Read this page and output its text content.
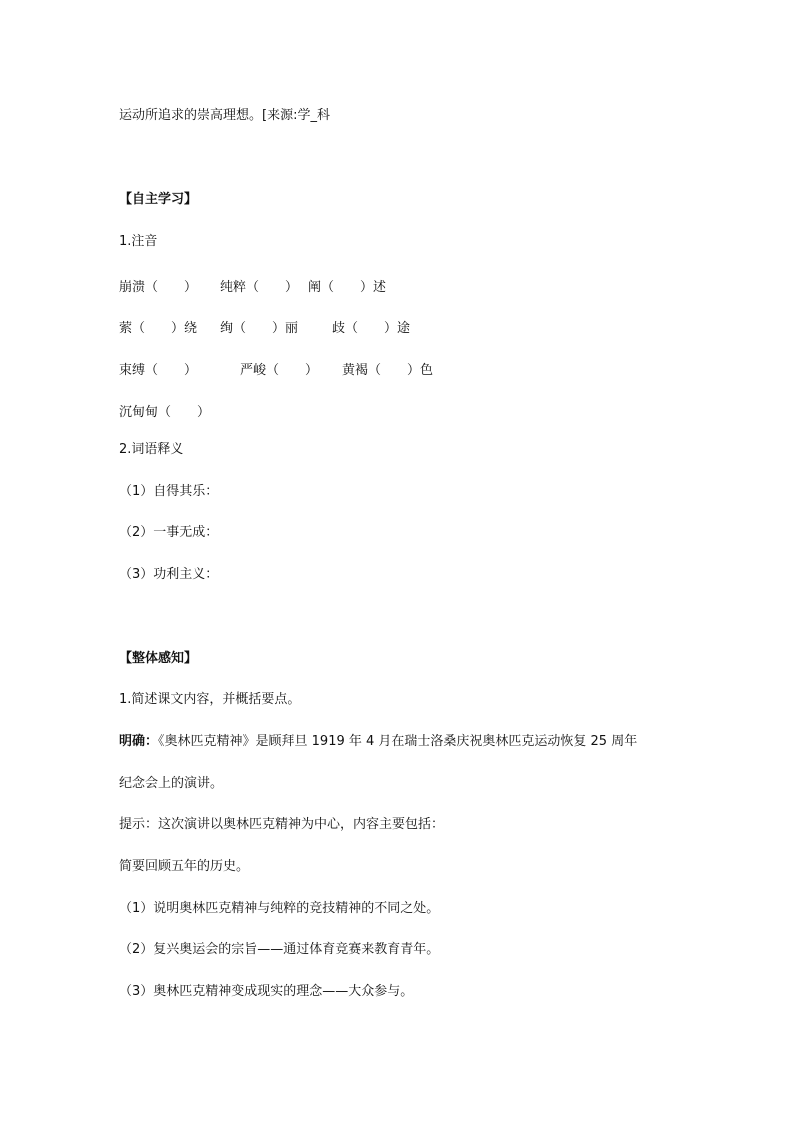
运动所追求的崇高理想。[来源:学_科
【自主学习】
1.注音
崩溃（　　） 纯粹（　　） 阐（　　）述
萦（　　）绕 绚（　　）丽	歧（　　）途
束缚（　　）	严峻（　　） 黄褐（　　）色
沉甸甸（　　）
2.词语释义
（1）自得其乐：
（2）一事无成：
（3）功利主义：
【整体感知】
1.简述课文内容，并概括要点。
明确：《奥林匹克精神》是顾拜旦 1919 年 4 月在瑞士洛桑庆祝奥林匹克运动恢复 25 周年
纪念会上的演讲。
提示：这次演讲以奥林匹克精神为中心，内容主要包括：
简要回顾五年的历史。
（1）说明奥林匹克精神与纯粹的竞技精神的不同之处。
（2）复兴奥运会的宗旨——通过体育竞赛来教育青年。
（3）奥林匹克精神变成现实的理念——大众参与。
